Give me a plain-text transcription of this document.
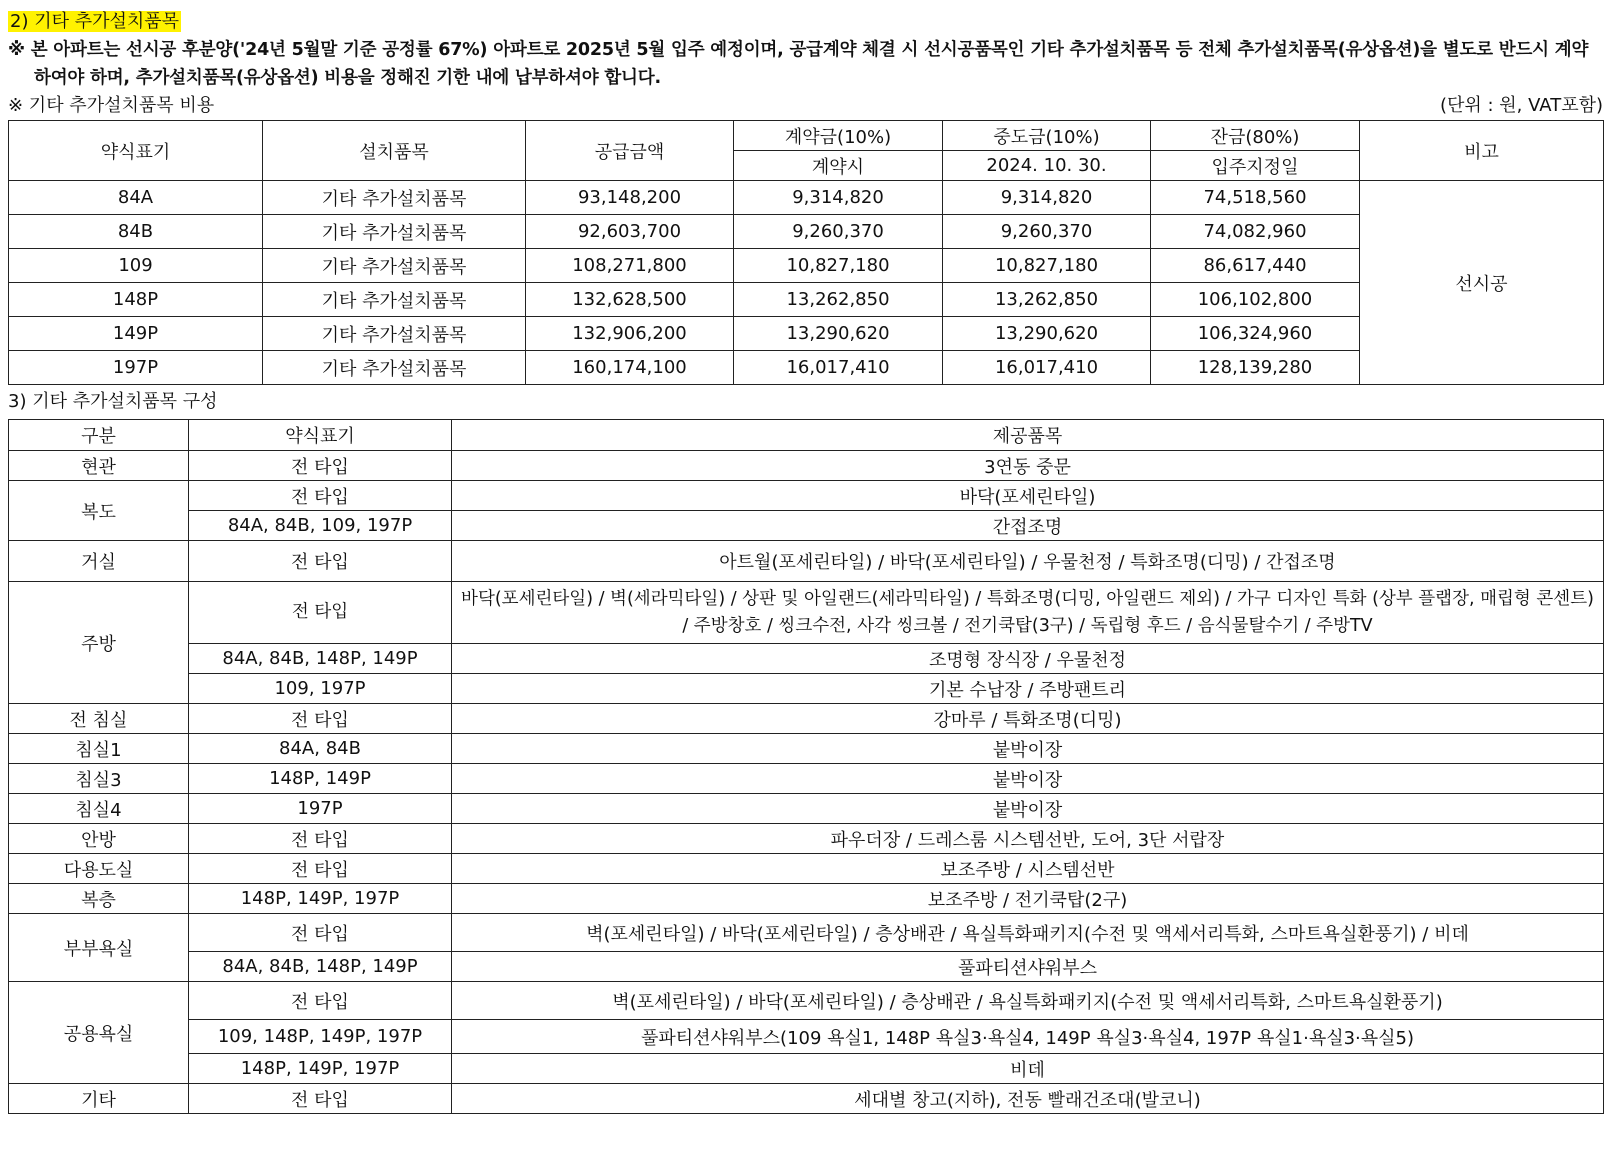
2) 기타 추가설치품목
※ 본 아파트는 선시공 후분양('24년 5월말 기준 공정률 67%) 아파트로 2025년 5월 입주 예정이며, 공급계약 체결 시 선시공품목인 기타 추가설치품목 등 전체 추가설치품목(유상옵션)을 별도로 반드시 계약하여야 하며, 추가설치품목(유상옵션) 비용을 정해진 기한 내에 납부하셔야 합니다.
※ 기타 추가설치품목 비용	(단위 : 원, VAT포함)
약식표기	설치품목	공급금액	계약금(10%)	중도금(10%)	잔금(80%)	비고
			계약시	2024. 10. 30.	입주지정일	
84A	기타 추가설치품목	93,148,200	9,314,820	9,314,820	74,518,560	선시공
84B	기타 추가설치품목	92,603,700	9,260,370	9,260,370	74,082,960	
109	기타 추가설치품목	108,271,800	10,827,180	10,827,180	86,617,440	
148P	기타 추가설치품목	132,628,500	13,262,850	13,262,850	106,102,800	
149P	기타 추가설치품목	132,906,200	13,290,620	13,290,620	106,324,960	
197P	기타 추가설치품목	160,174,100	16,017,410	16,017,410	128,139,280	
3) 기타 추가설치품목 구성
구분	약식표기	제공품목
현관	전 타입	3연동 중문
복도	전 타입	바닥(포세린타일)
	84A, 84B, 109, 197P	간접조명
거실	전 타입	아트월(포세린타일) / 바닥(포세린타일) / 우물천정 / 특화조명(디밍) / 간접조명
주방	전 타입	바닥(포세린타일) / 벽(세라믹타일) / 상판 및 아일랜드(세라믹타일) / 특화조명(디밍, 아일랜드 제외) / 가구 디자인 특화 (상부 플랩장, 매립형 콘센트) / 주방창호 / 씽크수전, 사각 씽크볼 / 전기쿡탑(3구) / 독립형 후드 / 음식물탈수기 / 주방TV
	84A, 84B, 148P, 149P	조명형 장식장 / 우물천정
	109, 197P	기본 수납장 / 주방팬트리
전 침실	전 타입	강마루 / 특화조명(디밍)
침실1	84A, 84B	붙박이장
침실3	148P, 149P	붙박이장
침실4	197P	붙박이장
안방	전 타입	파우더장 / 드레스룸 시스템선반, 도어, 3단 서랍장
다용도실	전 타입	보조주방 / 시스템선반
복층	148P, 149P, 197P	보조주방 / 전기쿡탑(2구)
부부욕실	전 타입	벽(포세린타일) / 바닥(포세린타일) / 층상배관 / 욕실특화패키지(수전 및 액세서리특화, 스마트욕실환풍기) / 비데
	84A, 84B, 148P, 149P	풀파티션샤워부스
공용욕실	전 타입	벽(포세린타일) / 바닥(포세린타일) / 층상배관 / 욕실특화패키지(수전 및 액세서리특화, 스마트욕실환풍기)
	109, 148P, 149P, 197P	풀파티션샤워부스(109 욕실1, 148P 욕실3·욕실4, 149P 욕실3·욕실4, 197P 욕실1·욕실3·욕실5)
	148P, 149P, 197P	비데
기타	전 타입	세대별 창고(지하), 전동 빨래건조대(발코니)
